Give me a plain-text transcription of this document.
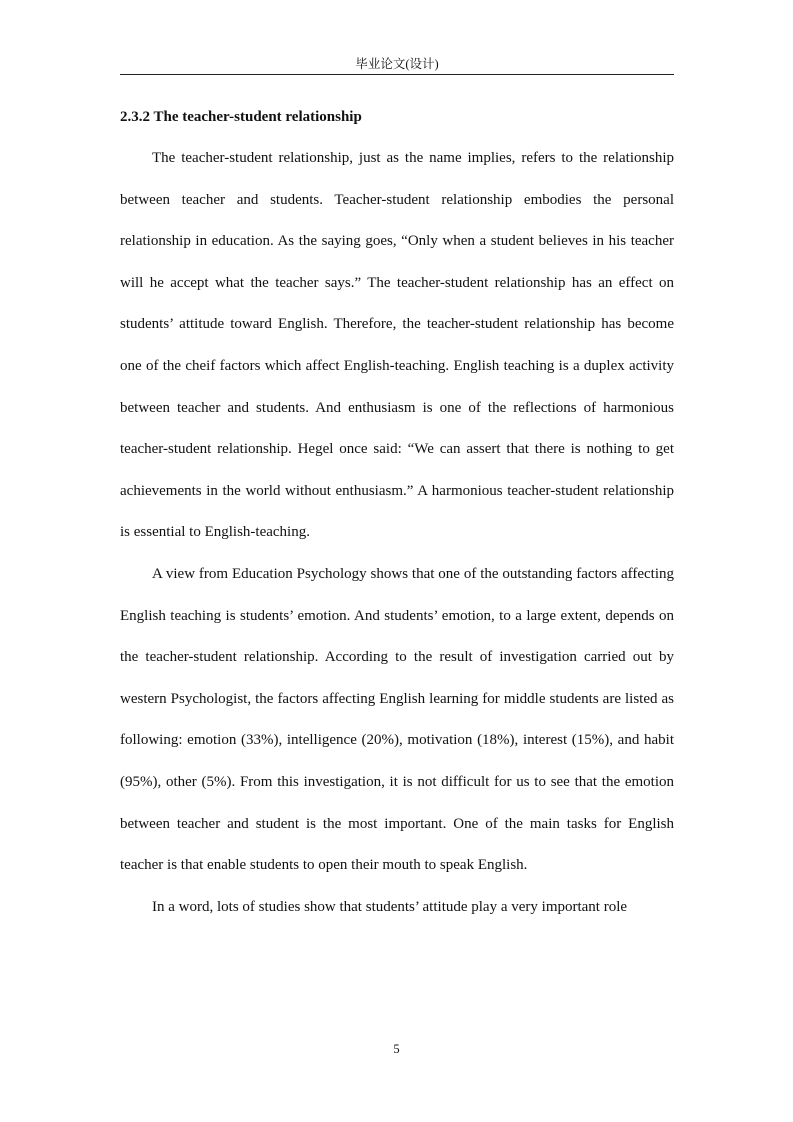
毕业论文(设计)
2.3.2 The teacher-student relationship

The teacher-student relationship, just as the name implies, refers to the relationship between teacher and students. Teacher-student relationship embodies the personal relationship in education. As the saying goes, “Only when a student believes in his teacher will he accept what the teacher says.” The teacher-student relationship has an effect on students’ attitude toward English. Therefore, the teacher-student relationship has become one of the cheif factors which affect English-teaching. English teaching is a duplex activity between teacher and students. And enthusiasm is one of the reflections of harmonious teacher-student relationship. Hegel once said: “We can assert that there is nothing to get achievements in the world without enthusiasm.” A harmonious teacher-student relationship is essential to English-teaching.

A view from Education Psychology shows that one of the outstanding factors affecting English teaching is students’ emotion. And students’ emotion, to a large extent, depends on the teacher-student relationship. According to the result of investigation carried out by western Psychologist, the factors affecting English learning for middle students are listed as following: emotion (33%), intelligence (20%), motivation (18%), interest (15%), and habit (95%), other (5%). From this investigation, it is not difficult for us to see that the emotion between teacher and student is the most important. One of the main tasks for English teacher is that enable students to open their mouth to speak English.

In a word, lots of studies show that students’ attitude play a very important role

5
